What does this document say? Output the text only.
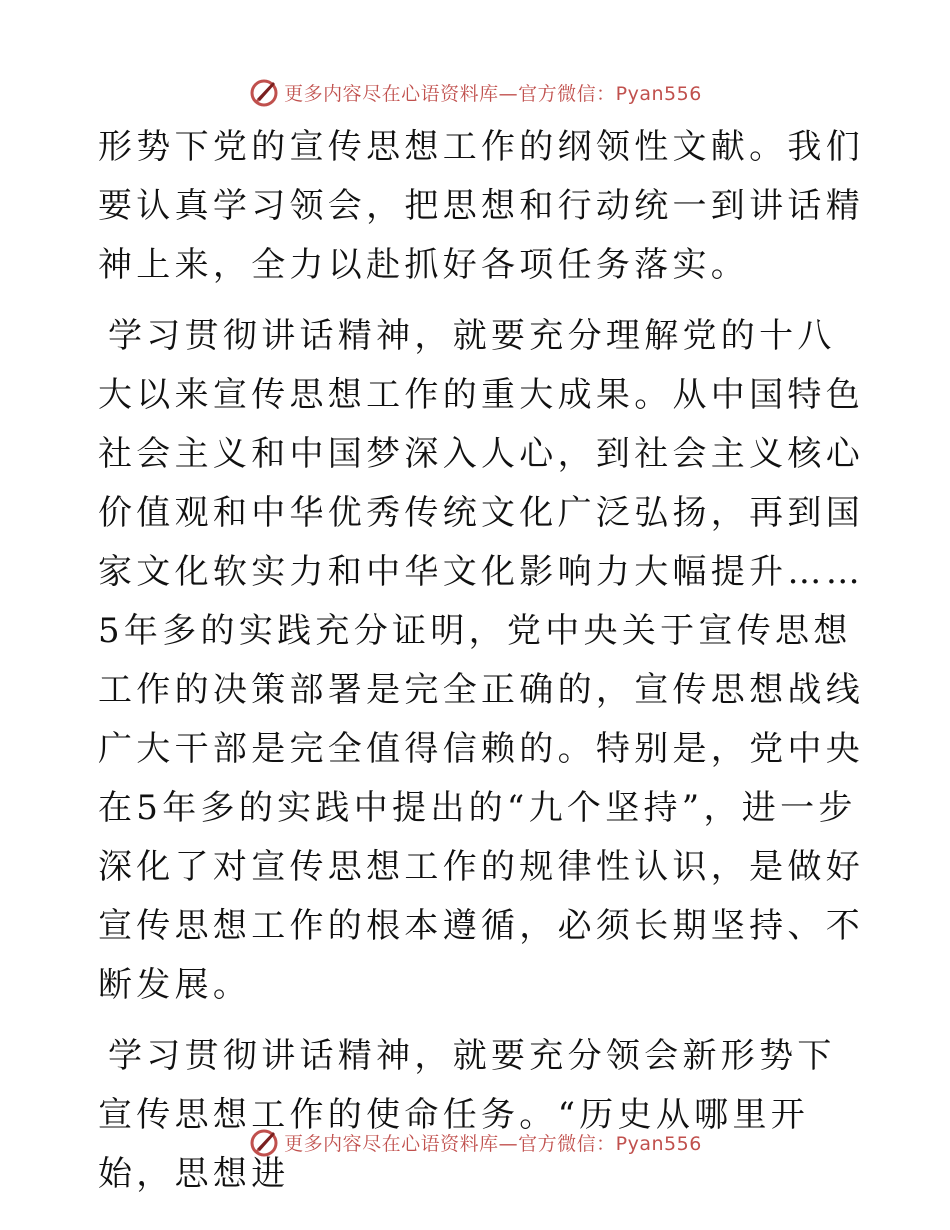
更多内容尽在心语资料库—官方微信：Pyan556

形势下党的宣传思想工作的纲领性文献。我们要认真学习领会，把思想和行动统一到讲话精神上来，全力以赴抓好各项任务落实。

学习贯彻讲话精神，就要充分理解党的十八大以来宣传思想工作的重大成果。从中国特色社会主义和中国梦深入人心，到社会主义核心价值观和中华优秀传统文化广泛弘扬，再到国家文化软实力和中华文化影响力大幅提升……5年多的实践充分证明，党中央关于宣传思想工作的决策部署是完全正确的，宣传思想战线广大干部是完全值得信赖的。特别是，党中央在5年多的实践中提出的“九个坚持”，进一步深化了对宣传思想工作的规律性认识，是做好宣传思想工作的根本遵循，必须长期坚持、不断发展。

学习贯彻讲话精神，就要充分领会新形势下宣传思想工作的使命任务。“历史从哪里开始，思想进

更多内容尽在心语资料库—官方微信：Pyan556
